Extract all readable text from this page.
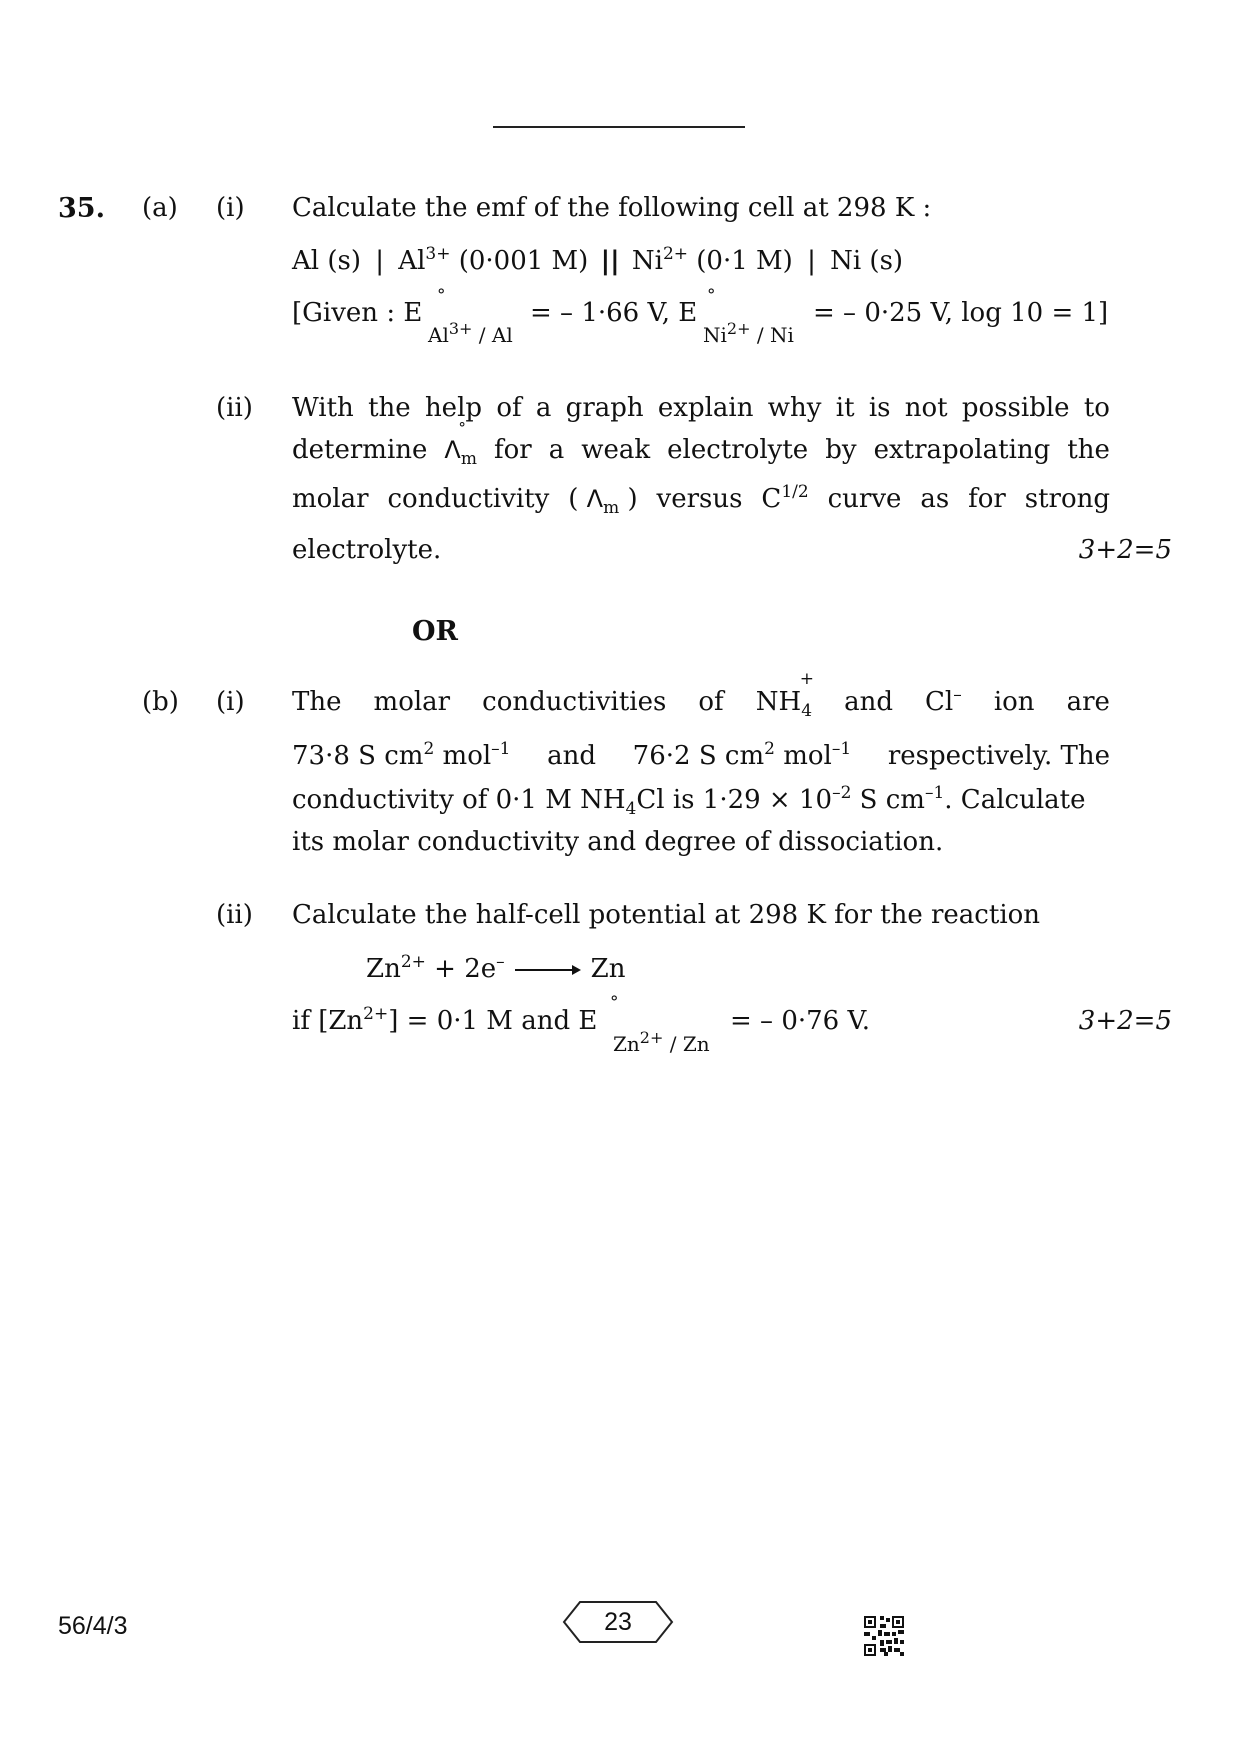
35. (a) (i) Calculate the emf of the following cell at 298 K :
Al (s) | $Al^{3+}$ (0·001 M) || $Ni^{2+}$ (0·1 M) | Ni (s)
[Given : E
°
$Al^{3+}$ / Al
= – 1·66 V, E
°
$Ni^{2+}$ / Ni
= – 0·25 V, log 10 = 1]
(ii) With the help of a graph explain why it is not possible to
determine $\Lambda_m$
°
for a weak electrolyte by extrapolating the
molar conductivity ( $\Lambda_m$ ) versus $C^{1/2}$ curve as for strong
electrolyte.	3+2=5
OR
(b) (i) The molar conductivities of $NH_4$
+
and Cl– ion are
73·8 S $cm^2$ mol$^{-1}$ and 76·2 S $cm^2$ mol$^{-1}$ respectively. The
conductivity of 0·1 M $NH_4Cl$ is $1\cdot 29 \times 10^{-2}$ S $cm^{-1}$. Calculate
its molar conductivity and degree of dissociation.
(ii) Calculate the half-cell potential at 298 K for the reaction
$Zn^{2+} + 2e^-$	Zn
if $[Zn^{2+}] = 0\cdot 1$ M and E
°
$Zn^{2+}$ / Zn
= – 0·76 V.	3+2=5
56/4/3	23
